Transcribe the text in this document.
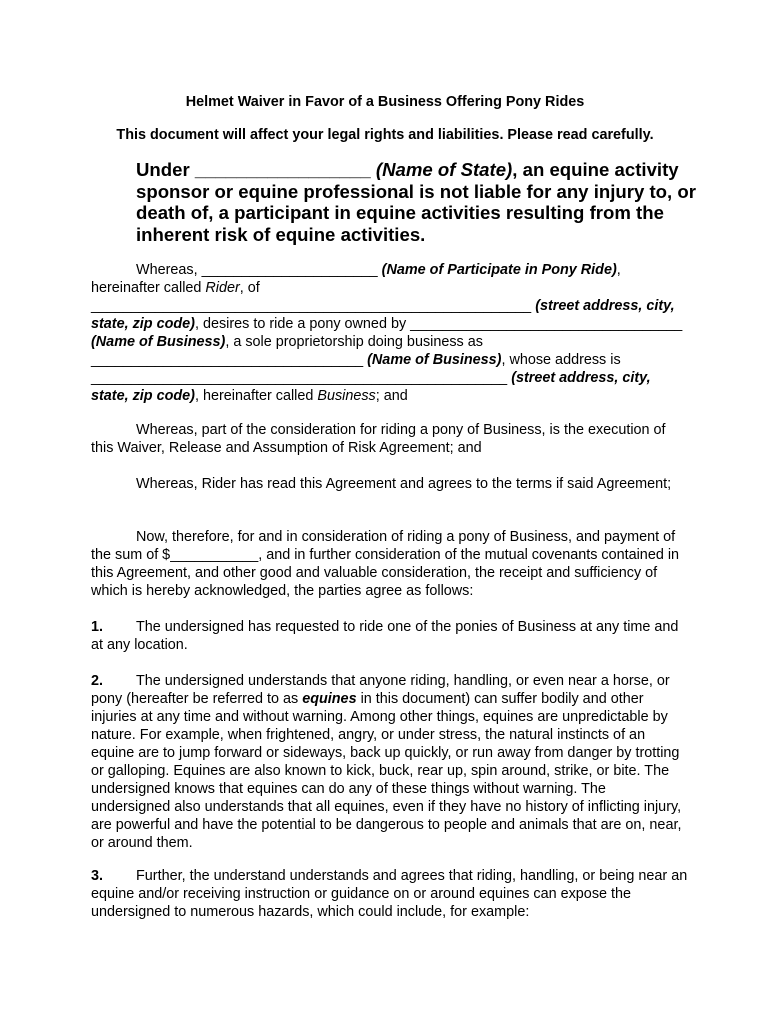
Helmet Waiver in Favor of a Business Offering Pony Rides
This document will affect your legal rights and liabilities. Please read carefully.
Under _________________ (Name of State), an equine activity sponsor or equine professional is not liable for any injury to, or death of, a participant in equine activities resulting from the inherent risk of equine activities.
Whereas, ______________________ (Name of Participate in Pony Ride), hereinafter called Rider, of _______________________________________________________ (street address, city, state, zip code), desires to ride a pony owned by __________________________________ (Name of Business), a sole proprietorship doing business as __________________________________ (Name of Business), whose address is ____________________________________________________ (street address, city, state, zip code), hereinafter called Business; and
Whereas, part of the consideration for riding a pony of Business, is the execution of this Waiver, Release and Assumption of Risk Agreement; and
Whereas, Rider has read this Agreement and agrees to the terms if said Agreement;
Now, therefore, for and in consideration of riding a pony of Business, and payment of the sum of $___________, and in further consideration of the mutual covenants contained in this Agreement, and other good and valuable consideration, the receipt and sufficiency of which is hereby acknowledged, the parties agree as follows:
1. The undersigned has requested to ride one of the ponies of Business at any time and at any location.
2. The undersigned understands that anyone riding, handling, or even near a horse, or pony (hereafter be referred to as equines in this document) can suffer bodily and other injuries at any time and without warning. Among other things, equines are unpredictable by nature. For example, when frightened, angry, or under stress, the natural instincts of an equine are to jump forward or sideways, back up quickly, or run away from danger by trotting or galloping. Equines are also known to kick, buck, rear up, spin around, strike, or bite. The undersigned knows that equines can do any of these things without warning. The undersigned also understands that all equines, even if they have no history of inflicting injury, are powerful and have the potential to be dangerous to people and animals that are on, near, or around them.
3. Further, the understand understands and agrees that riding, handling, or being near an equine and/or receiving instruction or guidance on or around equines can expose the undersigned to numerous hazards, which could include, for example:
